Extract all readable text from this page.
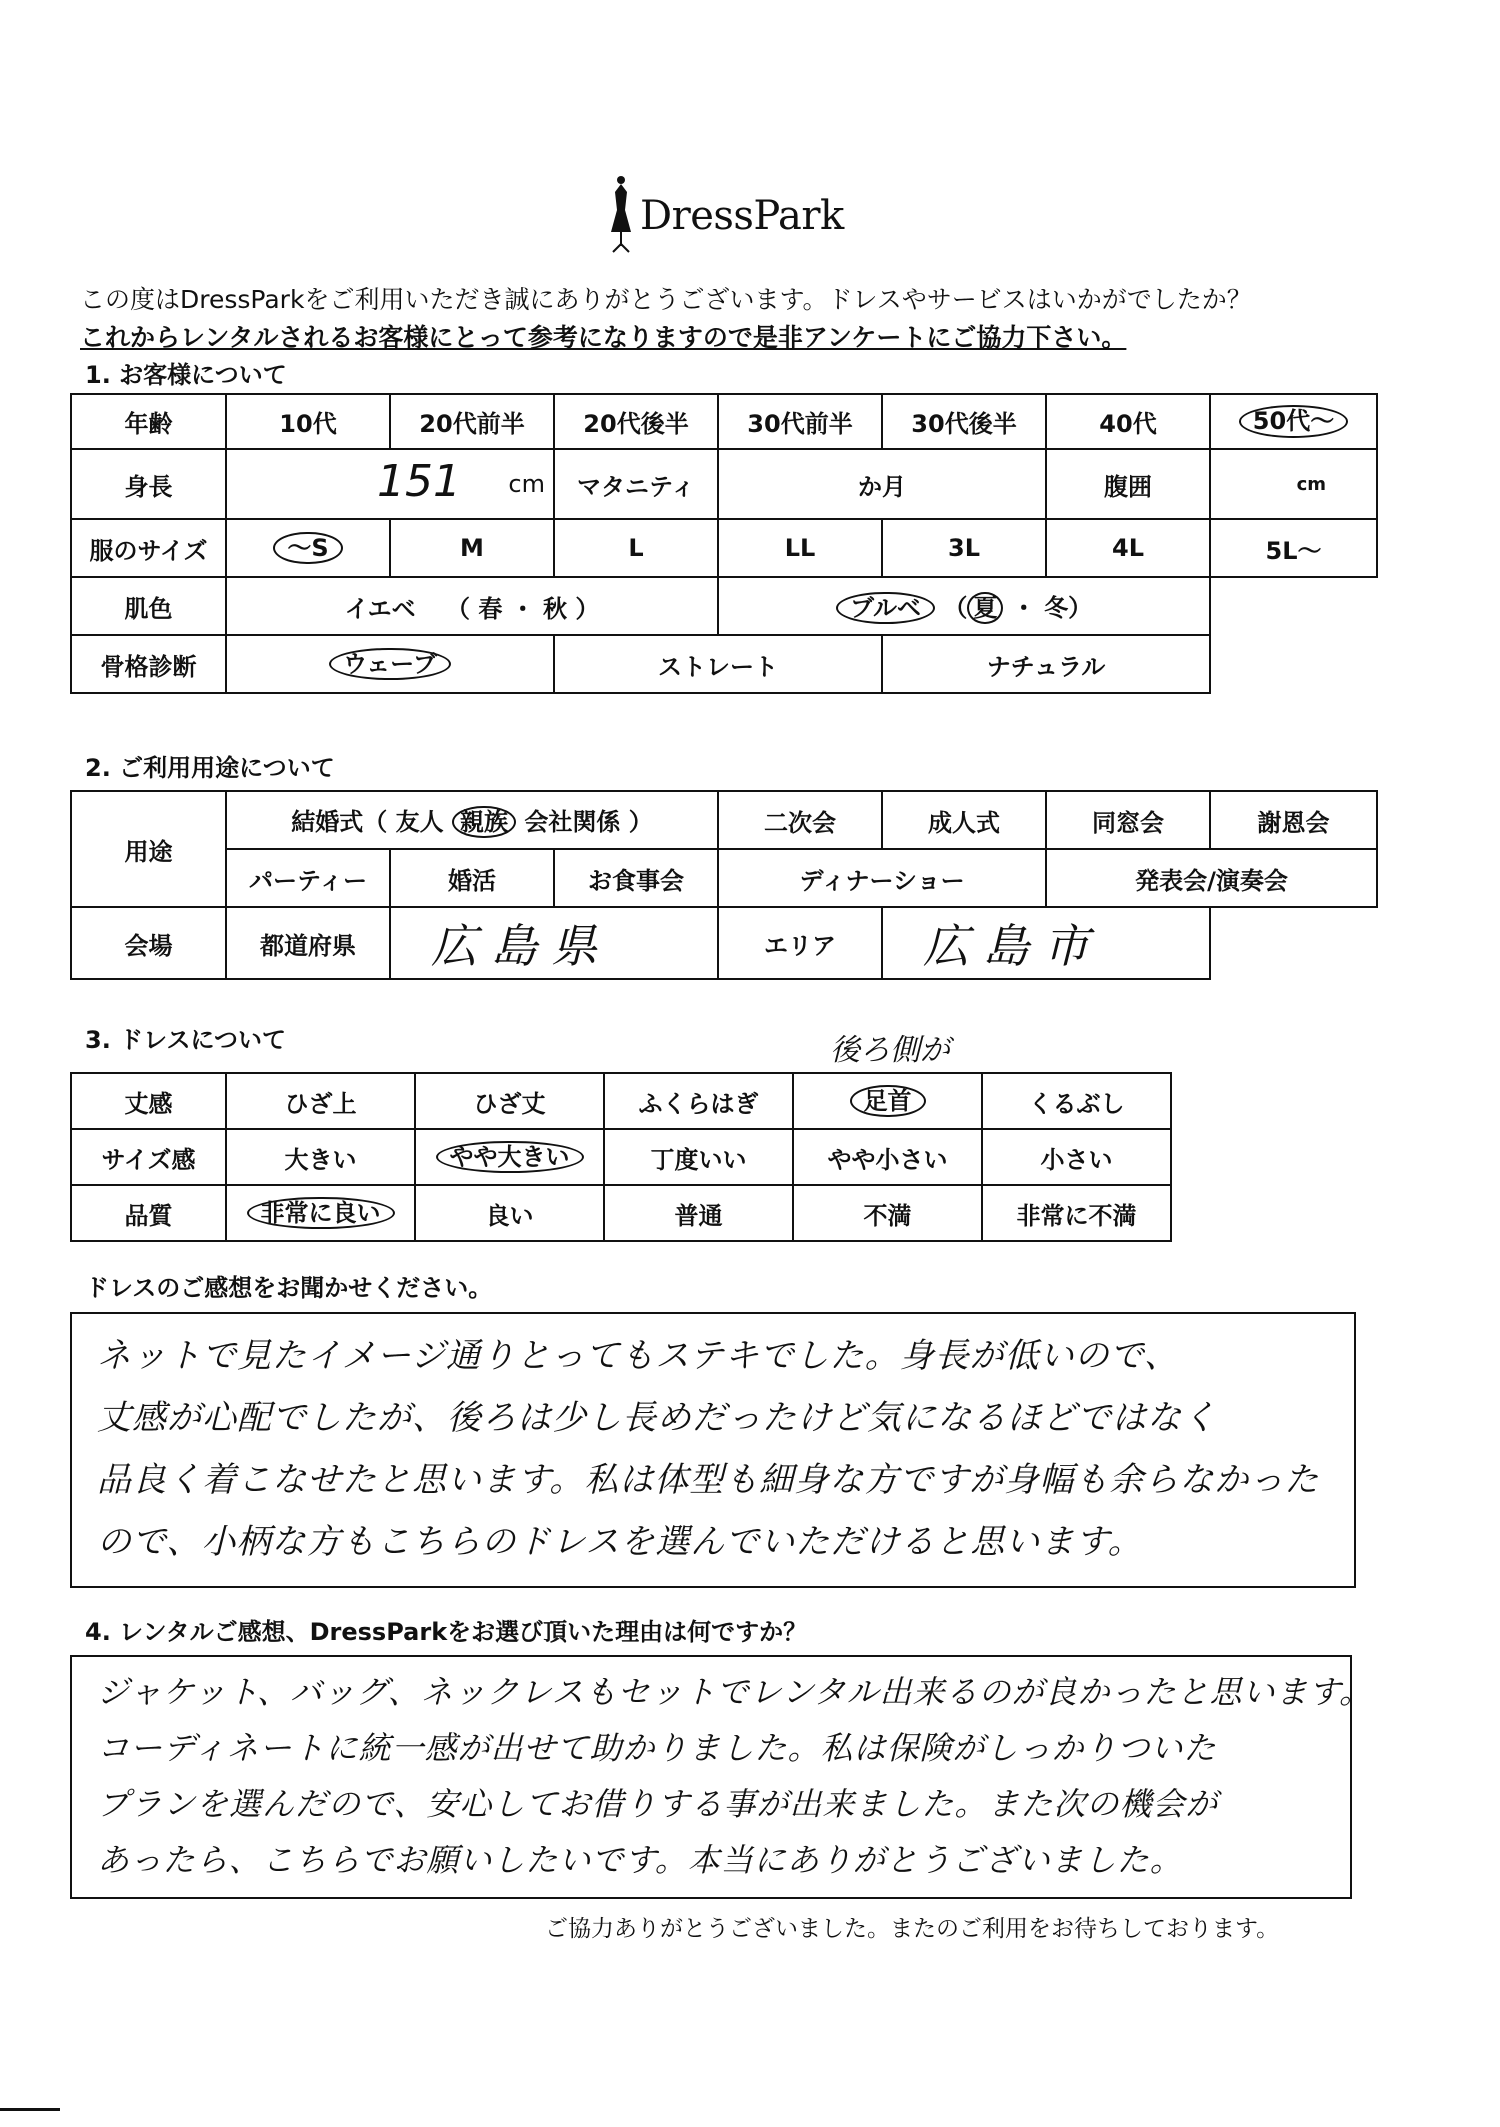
DressPark
この度はDressParkをご利用いただき誠にありがとうございます。ドレスやサービスはいかがでしたか？
これからレンタルされるお客様にとって参考になりますので是非アンケートにご協力下さい。
1. お客様について
年齢	10代	20代前半	20代後半	30代前半	30代後半	40代	50代～
身長	151 cm		マタニティ	か月		腹囲	cm
服のサイズ	～S	M	L	LL	3L	4L	5L～
肌色	イエベ （ 春 ・ 秋 ）			ブルベ （ 夏 ・ 冬）			
骨格診断	ウェーブ		ストレート		ナチュラル		
2. ご利用用途について
用途	結婚式（ 友人 親族 会社関係 ）			二次会	成人式	同窓会	謝恩会
	パーティー	婚活	お食事会	ディナーショー		発表会/演奏会	
会場	都道府県	広島県		エリア	広島市		
3. ドレスについて	後ろ側が
丈感	ひざ上	ひざ丈	ふくらはぎ	足首	くるぶし
サイズ感	大きい	やや大きい	丁度いい	やや小さい	小さい
品質	非常に良い	良い	普通	不満	非常に不満
ドレスのご感想をお聞かせください。
ネットで見たイメージ通りとってもステキでした。身長が低いので、
丈感が心配でしたが、後ろは少し長めだったけど気になるほどではなく
品良く着こなせたと思います。私は体型も細身な方ですが身幅も余らなかった
ので、小柄な方もこちらのドレスを選んでいただけると思います。
4. レンタルご感想、DressParkをお選び頂いた理由は何ですか？
ジャケット、バッグ、ネックレスもセットでレンタル出来るのが良かったと思います。
コーディネートに統一感が出せて助かりました。私は保険がしっかりついた
プランを選んだので、安心してお借りする事が出来ました。また次の機会が
あったら、こちらでお願いしたいです。本当にありがとうございました。
ご協力ありがとうございました。またのご利用をお待ちしております。
